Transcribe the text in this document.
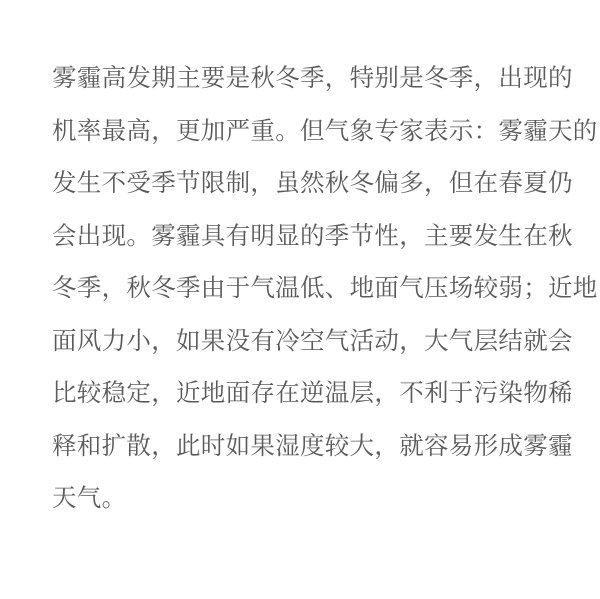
雾霾高发期主要是秋冬季，特别是冬季，出现的
机率最高，更加严重。但气象专家表示：雾霾天的
发生不受季节限制，虽然秋冬偏多，但在春夏仍
会出现。雾霾具有明显的季节性，主要发生在秋
冬季，秋冬季由于气温低、地面气压场较弱；近地
面风力小，如果没有冷空气活动，大气层结就会
比较稳定，近地面存在逆温层，不利于污染物稀
释和扩散，此时如果湿度较大，就容易形成雾霾
天气。
